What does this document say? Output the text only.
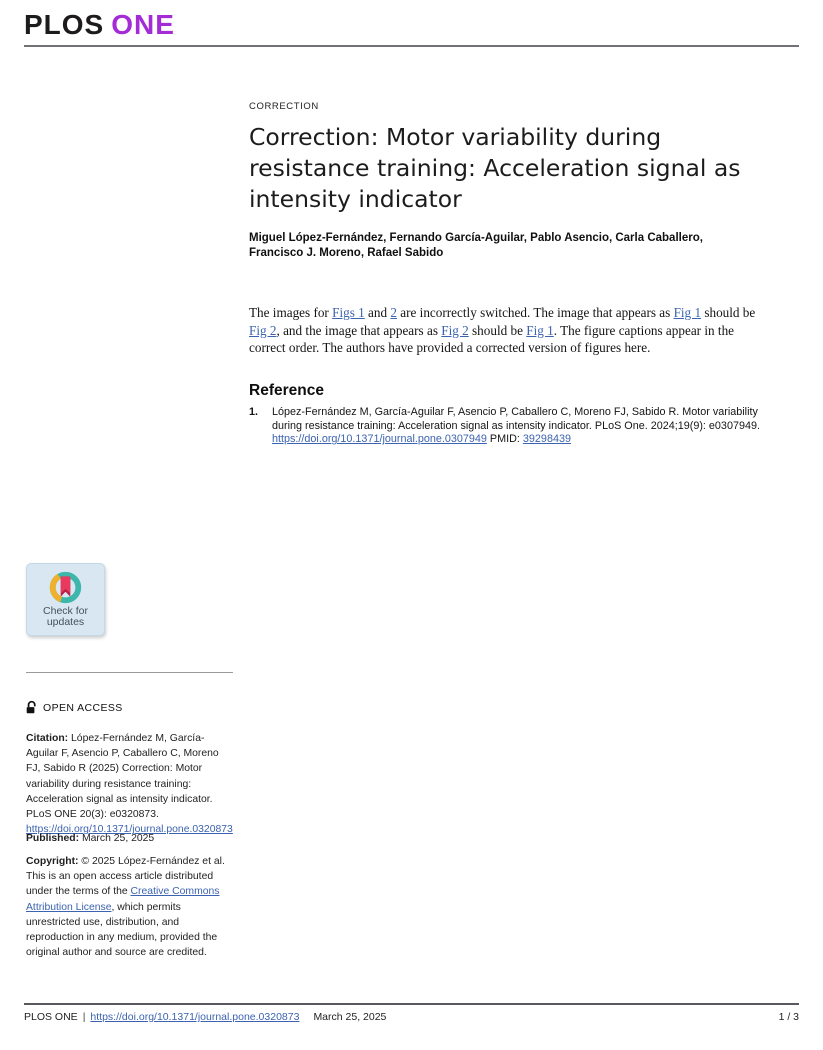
PLOS ONE
CORRECTION
Correction: Motor variability during resistance training: Acceleration signal as intensity indicator
Miguel López-Fernández, Fernando García-Aguilar, Pablo Asencio, Carla Caballero, Francisco J. Moreno, Rafael Sabido

The images for Figs 1 and 2 are incorrectly switched. The image that appears as Fig 1 should be Fig 2, and the image that appears as Fig 2 should be Fig 1. The figure captions appear in the correct order. The authors have provided a corrected version of figures here.

Reference
1.	López-Fernández M, García-Aguilar F, Asencio P, Caballero C, Moreno FJ, Sabido R. Motor variability during resistance training: Acceleration signal as intensity indicator. PLoS One. 2024;19(9): e0307949. https://doi.org/10.1371/journal.pone.0307949 PMID: 39298439
Check for
updates
OPEN ACCESS
Citation: López-Fernández M, García-Aguilar F, Asencio P, Caballero C, Moreno FJ, Sabido R (2025) Correction: Motor variability during resistance training: Acceleration signal as intensity indicator. PLoS ONE 20(3): e0320873. https://doi.org/10.1371/journal.pone.0320873
Published: March 25, 2025
Copyright: © 2025 López-Fernández et al. This is an open access article distributed under the terms of the Creative Commons Attribution License, which permits unrestricted use, distribution, and reproduction in any medium, provided the original author and source are credited.
PLOS ONE | https://doi.org/10.1371/journal.pone.0320873 March 25, 2025	1 / 3
